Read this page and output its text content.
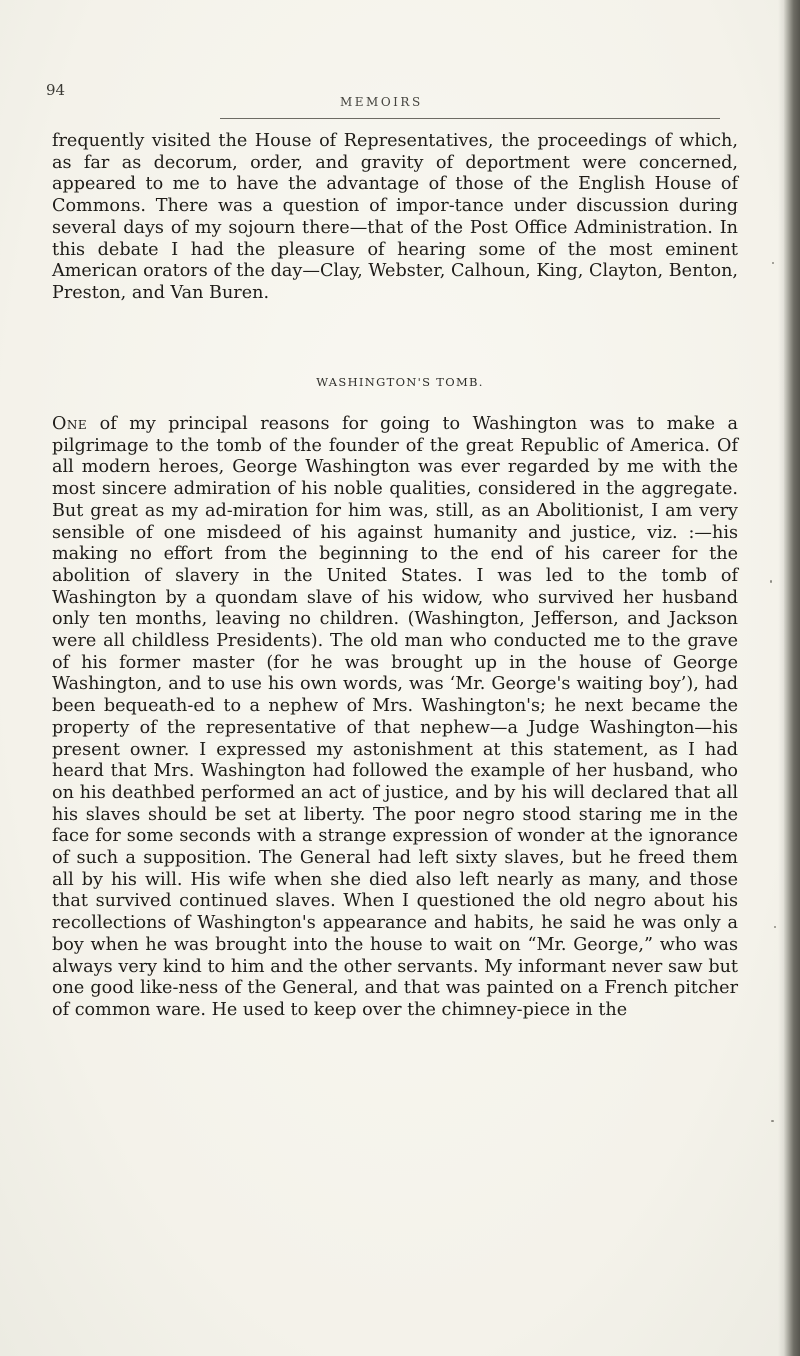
94
MEMOIRS

frequently visited the House of Representatives, the proceedings of which, as far as decorum, order, and gravity of deportment were concerned, appeared to me to have the advantage of those of the English House of Commons. There was a question of impor-tance under discussion during several days of my sojourn there—that of the Post Office Administration. In this debate I had the pleasure of hearing some of the most eminent American orators of the day—Clay, Webster, Calhoun, King, Clayton, Benton, Preston, and Van Buren.

WASHINGTON'S TOMB.

One of my principal reasons for going to Washington was to make a pilgrimage to the tomb of the founder of the great Republic of America. Of all modern heroes, George Washington was ever regarded by me with the most sincere admiration of his noble qualities, considered in the aggregate. But great as my ad-miration for him was, still, as an Abolitionist, I am very sensible of one misdeed of his against humanity and justice, viz. :—his making no effort from the beginning to the end of his career for the abolition of slavery in the United States. I was led to the tomb of Washington by a quondam slave of his widow, who survived her husband only ten months, leaving no children. (Washington, Jefferson, and Jackson were all childless Presidents). The old man who conducted me to the grave of his former master (for he was brought up in the house of George Washington, and to use his own words, was ‘Mr. George's waiting boy’), had been bequeath-ed to a nephew of Mrs. Washington's; he next became the property of the representative of that nephew—a Judge Washington—his present owner. I expressed my astonishment at this statement, as I had heard that Mrs. Washington had followed the example of her husband, who on his deathbed performed an act of justice, and by his will declared that all his slaves should be set at liberty. The poor negro stood staring me in the face for some seconds with a strange expression of wonder at the ignorance of such a supposition. The General had left sixty slaves, but he freed them all by his will. His wife when she died also left nearly as many, and those that survived continued slaves. When I questioned the old negro about his recollections of Washington's appearance and habits, he said he was only a boy when he was brought into the house to wait on “Mr. George,” who was always very kind to him and the other servants. My informant never saw but one good like-ness of the General, and that was painted on a French pitcher of common ware. He used to keep over the chimney-piece in the
